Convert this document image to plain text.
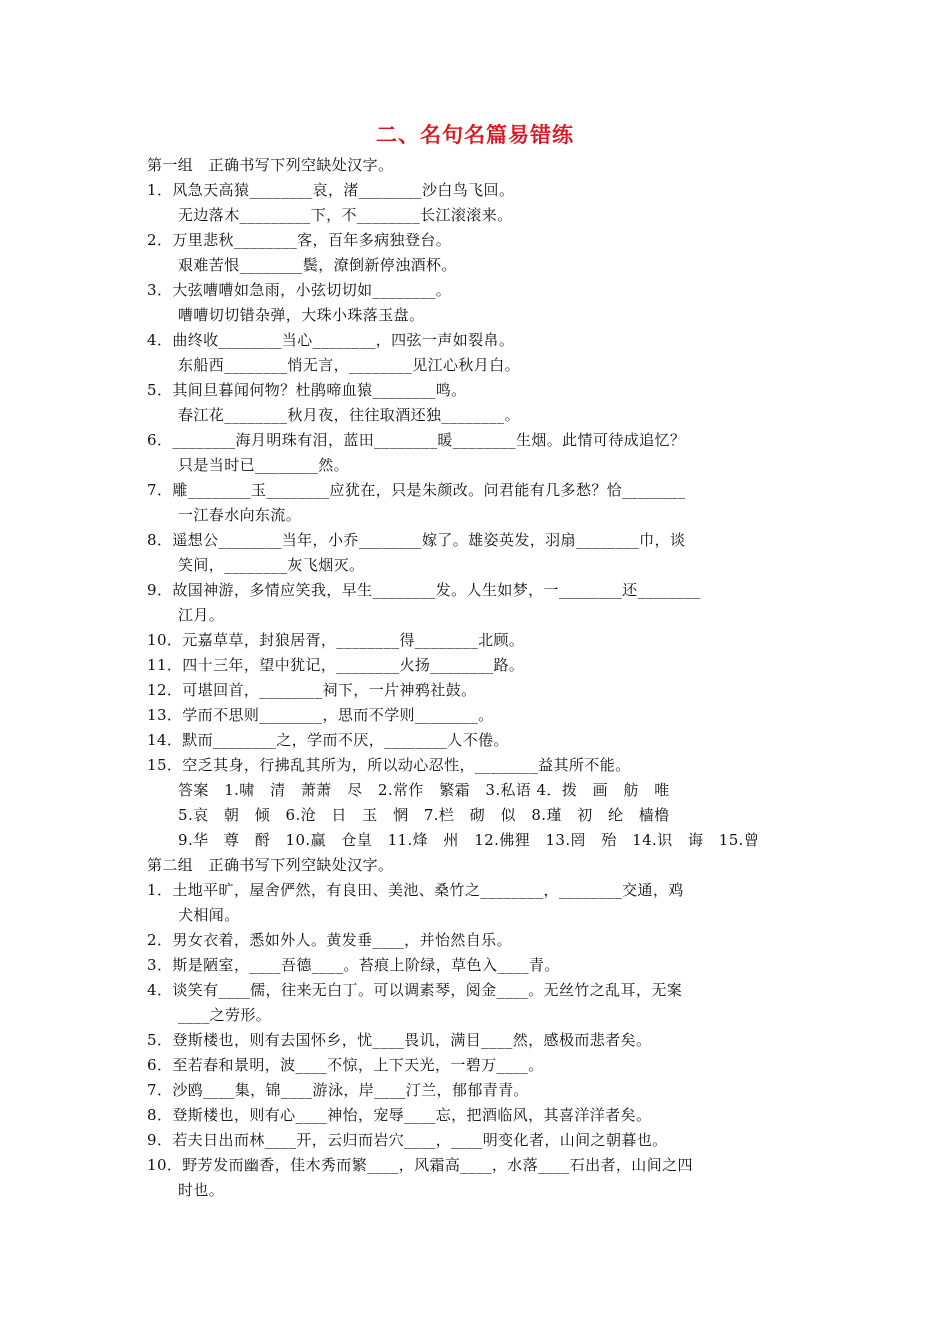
二、名句名篇易错练
第一组　正确书写下列空缺处汉字。
1．风急天高猿________哀，渚________沙白鸟飞回。
无边落木_________下，不________长江滚滚来。
2．万里悲秋________客，百年多病独登台。
艰难苦恨________鬓，潦倒新停浊酒杯。
3．大弦嘈嘈如急雨，小弦切切如________。
嘈嘈切切错杂弹，大珠小珠落玉盘。
4．曲终收________当心________，四弦一声如裂帛。
东船西________悄无言，________见江心秋月白。
5．其间旦暮闻何物？杜鹃啼血猿________鸣。
春江花________秋月夜，往往取酒还独________。
6．________海月明珠有泪，蓝田________暖________生烟。此情可待成追忆？
只是当时已________然。
7．雕________玉________应犹在，只是朱颜改。问君能有几多愁？恰________
一江春水向东流。
8．遥想公________当年，小乔________嫁了。雄姿英发，羽扇________巾，谈
笑间，________灰飞烟灭。
9．故国神游，多情应笑我，早生________发。人生如梦，一________还________
江月。
10．元嘉草草，封狼居胥，________得________北顾。
11．四十三年，望中犹记，________火扬________路。
12．可堪回首，________祠下，一片神鸦社鼓。
13．学而不思则________，思而不学则________。
14．默而________之，学而不厌，________人不倦。
15．空乏其身，行拂乱其所为，所以动心忍性，________益其所不能。
答案　1.啸　清　萧萧　尽　2.常作　繁霜　3.私语 4．拨　画　舫　唯
5.哀　朝　倾　6.沧　日　玉　惘　7.栏　砌　似　8.瑾　初　纶　樯橹
9.华　尊　酹　10.赢　仓皇　11.烽　州　12.佛狸　13.罔　殆　14.识　诲　15.曾
第二组　正确书写下列空缺处汉字。
1．土地平旷，屋舍俨然，有良田、美池、桑竹之________，________交通，鸡
犬相闻。
2．男女衣着，悉如外人。黄发垂____，并怡然自乐。
3．斯是陋室，____吾德____。苔痕上阶绿，草色入____青。
4．谈笑有____儒，往来无白丁。可以调素琴，阅金____。无丝竹之乱耳，无案
____之劳形。
5．登斯楼也，则有去国怀乡，忧____畏讥，满目____然，感极而悲者矣。
6．至若春和景明，波____不惊，上下天光，一碧万____。
7．沙鸥____集，锦____游泳，岸____汀兰，郁郁青青。
8．登斯楼也，则有心____神怡，宠辱____忘，把酒临风，其喜洋洋者矣。
9．若夫日出而林____开，云归而岩穴____，____明变化者，山间之朝暮也。
10．野芳发而幽香，佳木秀而繁____，风霜高____，水落____石出者，山间之四
时也。
